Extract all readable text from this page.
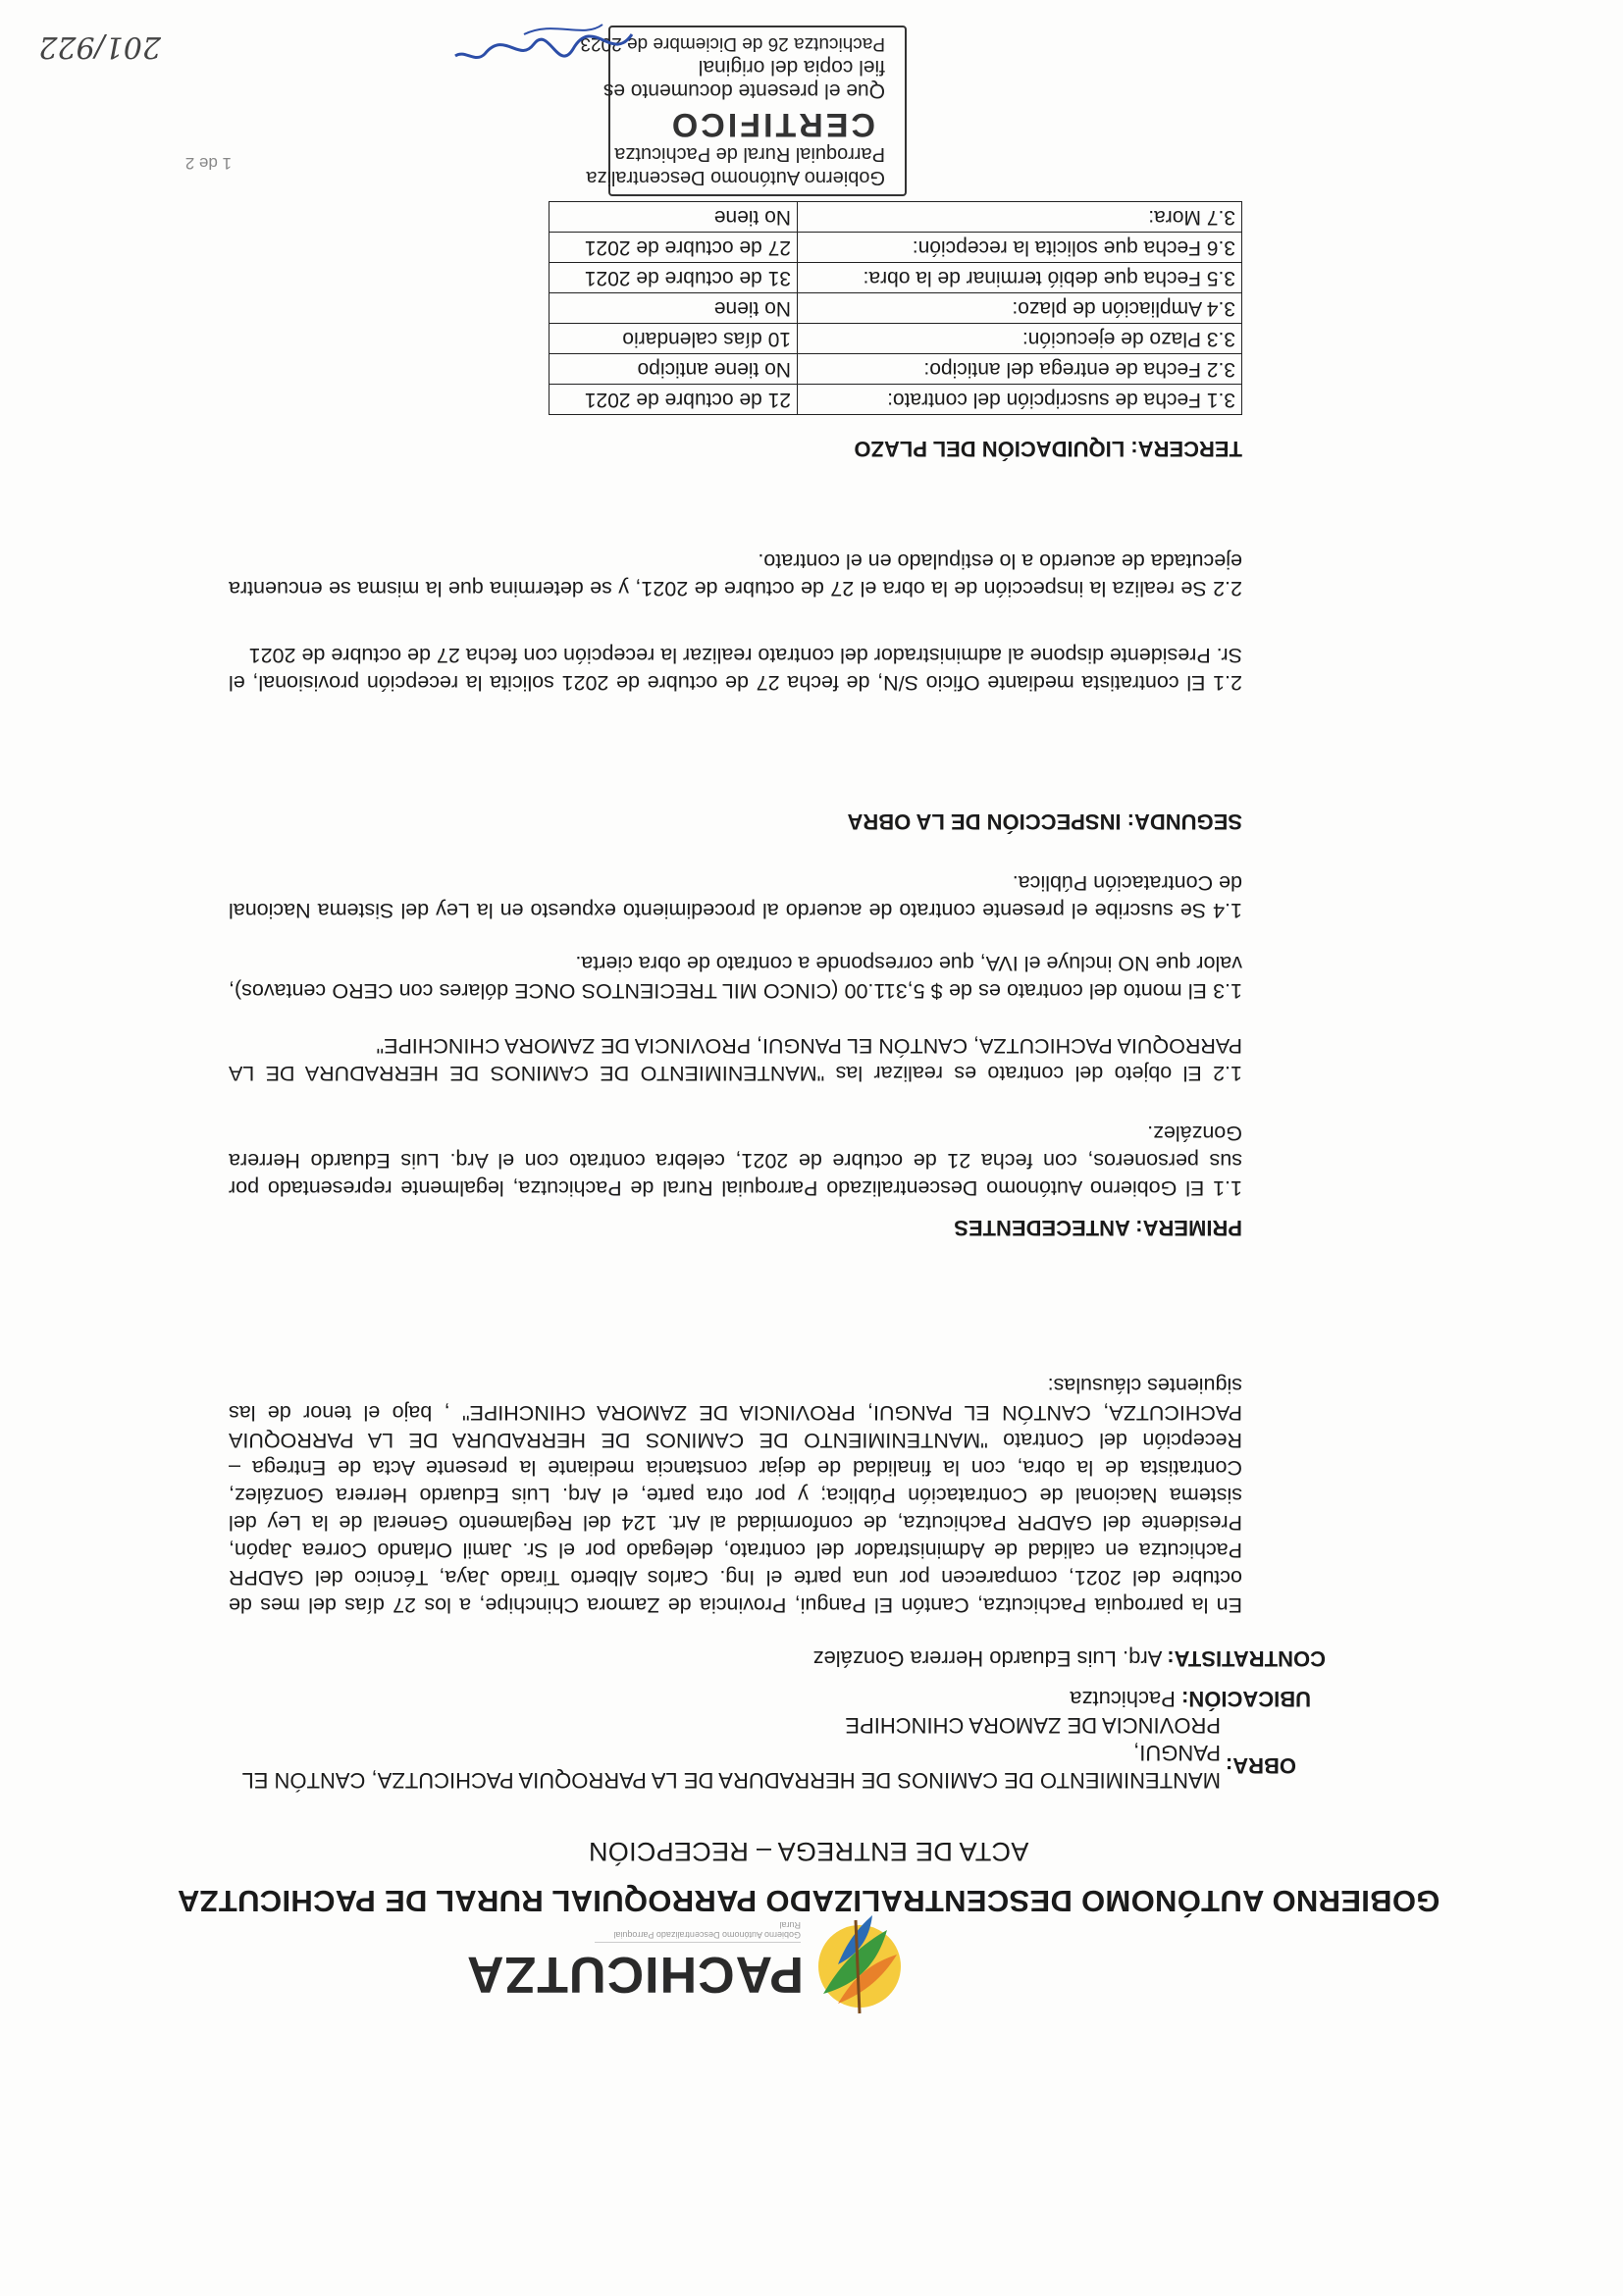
PACHICUTZA
Gobierno Autónomo Descentralizado Parroquial Rural
GOBIERNO AUTÓNOMO DESCENTRALIZADO PARROQUIAL RURAL DE PACHICUTZA
ACTA DE ENTREGA – RECEPCIÓN
OBRA:
MANTENIMIENTO DE CAMINOS DE HERRADURA DE LA PARROQUIA PACHICUTZA, CANTÓN EL PANGUI,
PROVINCIA DE ZAMORA CHINCHIPE
UBICACIÓN: Pachicutza
CONTRATISTA: Arq. Luis Eduardo Herrera González
En la parroquia Pachicutza, Cantón El Pangui, Provincia de Zamora Chinchipe, a los 27 días del mes de octubre del 2021, comparecen por una parte el Ing. Carlos Alberto Tirado Jaya, Técnico del GADPR Pachicutza en calidad de Administrador del contrato, delegado por el Sr. Jamil Orlando Correa Japón, Presidente del GADPR Pachicutza, de conformidad al Art. 124 del Reglamento General de la Ley del sistema Nacional de Contratación Pública; y por otra parte, el Arq. Luis Eduardo Herrera González, Contratista de la obra, con la finalidad de dejar constancia mediante la presente Acta de Entrega – Recepción del Contrato "MANTENIMIENTO DE CAMINOS DE HERRADURA DE LA PARROQUIA PACHICUTZA, CANTÓN EL PANGUI, PROVINCIA DE ZAMORA CHINCHIPE" , bajo el tenor de las siguientes cláusulas:
PRIMERA: ANTECEDENTES
1.1 El Gobierno Autónomo Descentralizado Parroquial Rural de Pachicutza, legalmente representado por sus personeros, con fecha 21 de octubre de 2021, celebra contrato con el Arq. Luis Eduardo Herrera González.
1.2 El objeto del contrato es realizar las "MANTENIMIENTO DE CAMINOS DE HERRADURA DE LA PARROQUIA PACHICUTZA, CANTÓN EL PANGUI, PROVINCIA DE ZAMORA CHINCHIPE"
1.3 El monto del contrato es de $ 5,311.00 (CINCO MIL TRECIENTOS ONCE dólares con CERO centavos), valor que NO incluye el IVA, que corresponde a contrato de obra cierta.
1.4 Se suscribe el presente contrato de acuerdo al procedimiento expuesto en la Ley del Sistema Nacional de Contratación Pública.
SEGUNDA: INSPECCIÓN DE LA OBRA
2.1 El contratista mediante Oficio S/N, de fecha 27 de octubre de 2021 solicita la recepción provisional, el Sr. Presidente dispone al administrador del contrato realizar la recepción con fecha 27 de octubre de 2021
2.2 Se realiza la inspección de la obra el 27 de octubre de 2021, y se determina que la misma se encuentra ejecutada de acuerdo a lo estipulado en el contrato.
TERCERA: LIQUIDACIÓN DEL PLAZO
3.1 Fecha de suscripción del contrato:	21 de octubre de 2021
3.2 Fecha de entrega del anticipo:	No tiene anticipo
3.3 Plazo de ejecución:	10 días calendario
3.4 Ampliación de plazo:	No tiene
3.5 Fecha que debió terminar de la obra:	31 de octubre de 2021
3.6 Fecha que solicita la recepción:	27 de octubre de 2021
3.7 Mora:	No tiene
1 de 2
Gobierno Autónomo Descentraliza
Parroquial Rural de Pachicutza
CERTIFICO
Que el presente documento es
fiel copia del original
Pachicutza 26 de Diciembre de 2023
201/922
